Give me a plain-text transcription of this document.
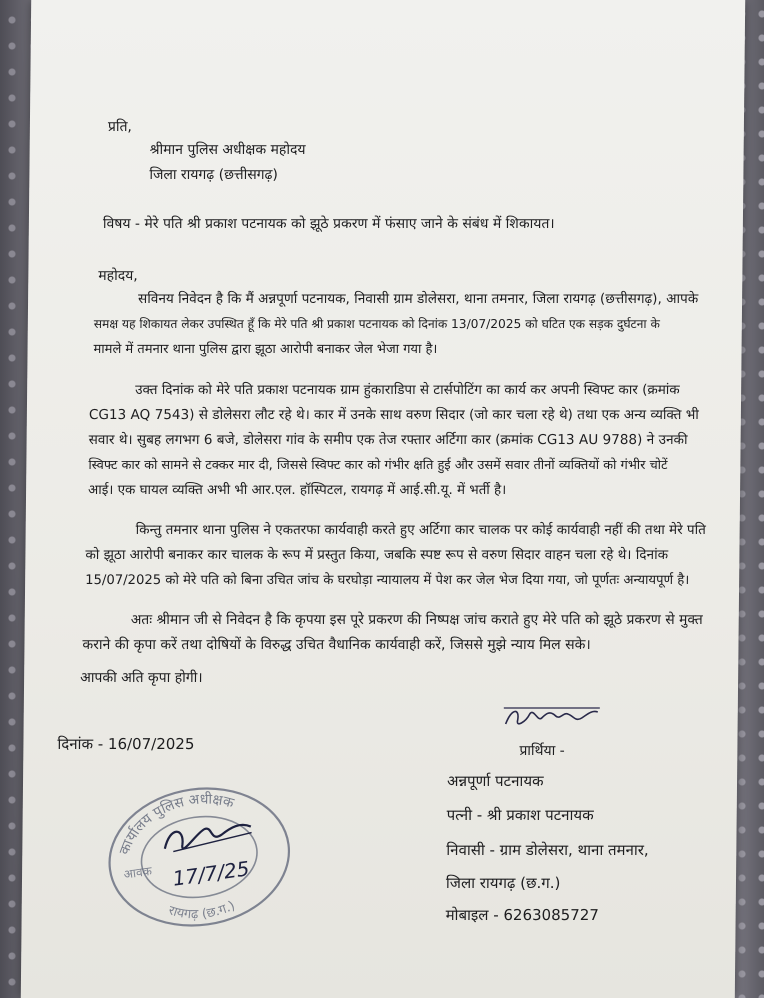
प्रति,
श्रीमान पुलिस अधीक्षक महोदय
जिला रायगढ़ (छत्तीसगढ़)
विषय - मेरे पति श्री प्रकाश पटनायक को झूठे प्रकरण में फंसाए जाने के संबंध में शिकायत।
महोदय,
सविनय निवेदन है कि मैं अन्नपूर्णा पटनायक, निवासी ग्राम डोलेसरा, थाना तमनार, जिला रायगढ़ (छत्तीसगढ़), आपके
समक्ष यह शिकायत लेकर उपस्थित हूँ कि मेरे पति श्री प्रकाश पटनायक को दिनांक 13/07/2025 को घटित एक सड़क दुर्घटना के
मामले में तमनार थाना पुलिस द्वारा झूठा आरोपी बनाकर जेल भेजा गया है।
उक्त दिनांक को मेरे पति प्रकाश पटनायक ग्राम हुंकाराडिपा से टार्सपोटिंग का कार्य कर अपनी स्विफ्ट कार (क्रमांक
CG13 AQ 7543) से डोलेसरा लौट रहे थे। कार में उनके साथ वरुण सिदार (जो कार चला रहे थे) तथा एक अन्य व्यक्ति भी
सवार थे। सुबह लगभग 6 बजे, डोलेसरा गांव के समीप एक तेज रफ्तार अर्टिगा कार (क्रमांक CG13 AU 9788) ने उनकी
स्विफ्ट कार को सामने से टक्कर मार दी, जिससे स्विफ्ट कार को गंभीर क्षति हुई और उसमें सवार तीनों व्यक्तियों को गंभीर चोटें
आई। एक घायल व्यक्ति अभी भी आर.एल. हॉस्पिटल, रायगढ़ में आई.सी.यू. में भर्ती है।
किन्तु तमनार थाना पुलिस ने एकतरफा कार्यवाही करते हुए अर्टिगा कार चालक पर कोई कार्यवाही नहीं की तथा मेरे पति
को झूठा आरोपी बनाकर कार चालक के रूप में प्रस्तुत किया, जबकि स्पष्ट रूप से वरुण सिदार वाहन चला रहे थे। दिनांक
15/07/2025 को मेरे पति को बिना उचित जांच के घरघोड़ा न्यायालय में पेश कर जेल भेज दिया गया, जो पूर्णतः अन्यायपूर्ण है।
अतः श्रीमान जी से निवेदन है कि कृपया इस पूरे प्रकरण की निष्पक्ष जांच कराते हुए मेरे पति को झूठे प्रकरण से मुक्त
कराने की कृपा करें तथा दोषियों के विरुद्ध उचित वैधानिक कार्यवाही करें, जिससे मुझे न्याय मिल सके।
आपकी अति कृपा होगी।
दिनांक - 16/07/2025	प्रार्थिया -
अन्नपूर्णा पटनायक
पत्नी - श्री प्रकाश पटनायक
निवासी - ग्राम डोलेसरा, थाना तमनार,
जिला रायगढ़ (छ.ग.)
मोबाइल - 6263085727
कार्यालय पुलिस अधीक्षक
रायगढ़ (छ.ग.)
आवक 17/7/25
